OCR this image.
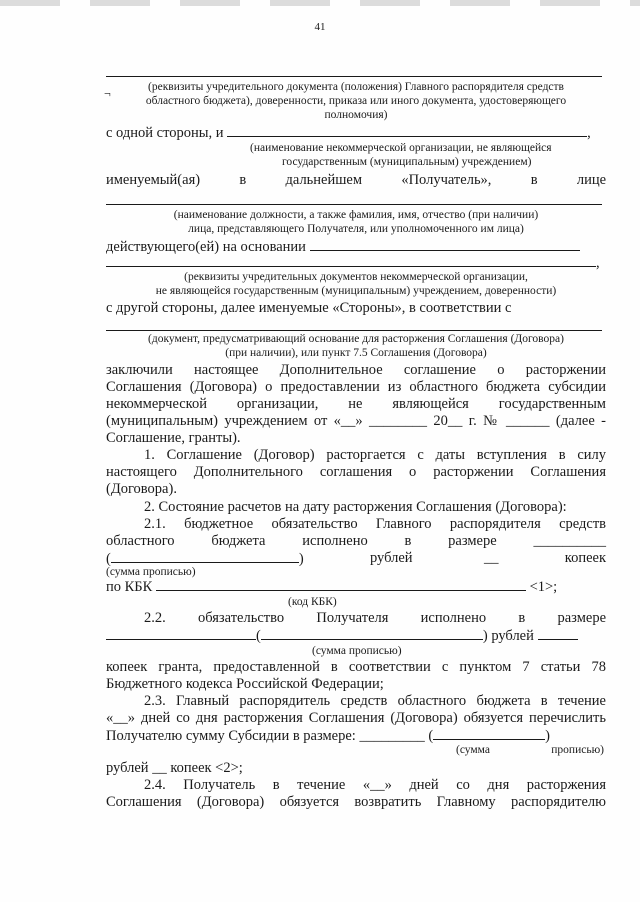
41
¬	(реквизиты учредительного документа (положения) Главного распорядителя средств
областного бюджета), доверенности, приказа или иного документа, удостоверяющего
полномочия)
с одной стороны, и	,
(наименование некоммерческой организации, не являющейся
государственным (муниципальным) учреждением)
именуемый(ая)	в	дальнейшем	«Получатель»,	в	лице
(наименование должности, а также фамилия, имя, отчество (при наличии)
лица, представляющего Получателя, или уполномоченного им лица)
действующего(ей) на основании
,
(реквизиты учредительных документов некоммерческой организации,
не являющейся государственным (муниципальным) учреждением, доверенности)
с другой стороны, далее именуемые «Стороны», в соответствии с
(документ, предусматривающий основание для расторжения Соглашения (Договора)
(при наличии), или пункт 7.5 Соглашения (Договора)
заключили настоящее Дополнительное соглашение о расторжении
Соглашения (Договора) о предоставлении из областного бюджета субсидии
некоммерческой организации, не являющейся государственным
(муниципальным) учреждением от «__» ________ 20__ г. № ______ (далее -
Соглашение, гранты).
1. Соглашение (Договор) расторгается с даты вступления в силу
настоящего Дополнительного соглашения о расторжении Соглашения
(Договора).
2. Состояние расчетов на дату расторжения Соглашения (Договора):
2.1. бюджетное обязательство Главного распорядителя средств
областного бюджета исполнено в размере __________
(	)	рублей	__	копеек
(сумма прописью)
по КБК	<1>;
(код КБК)
2.2. обязательство Получателя исполнено в размере
(	) рублей
(сумма прописью)
копеек гранта, предоставленной в соответствии с пунктом 7 статьи 78
Бюджетного кодекса Российской Федерации;
2.3. Главный распорядитель средств областного бюджета в течение
«__» дней со дня расторжения Соглашения (Договора) обязуется перечислить
Получателю сумму Субсидии в размере: _________ (	)
(сумма	прописью)
рублей __ копеек <2>;
2.4. Получатель в течение «__» дней со дня расторжения
Соглашения (Договора) обязуется возвратить Главному распорядителю
